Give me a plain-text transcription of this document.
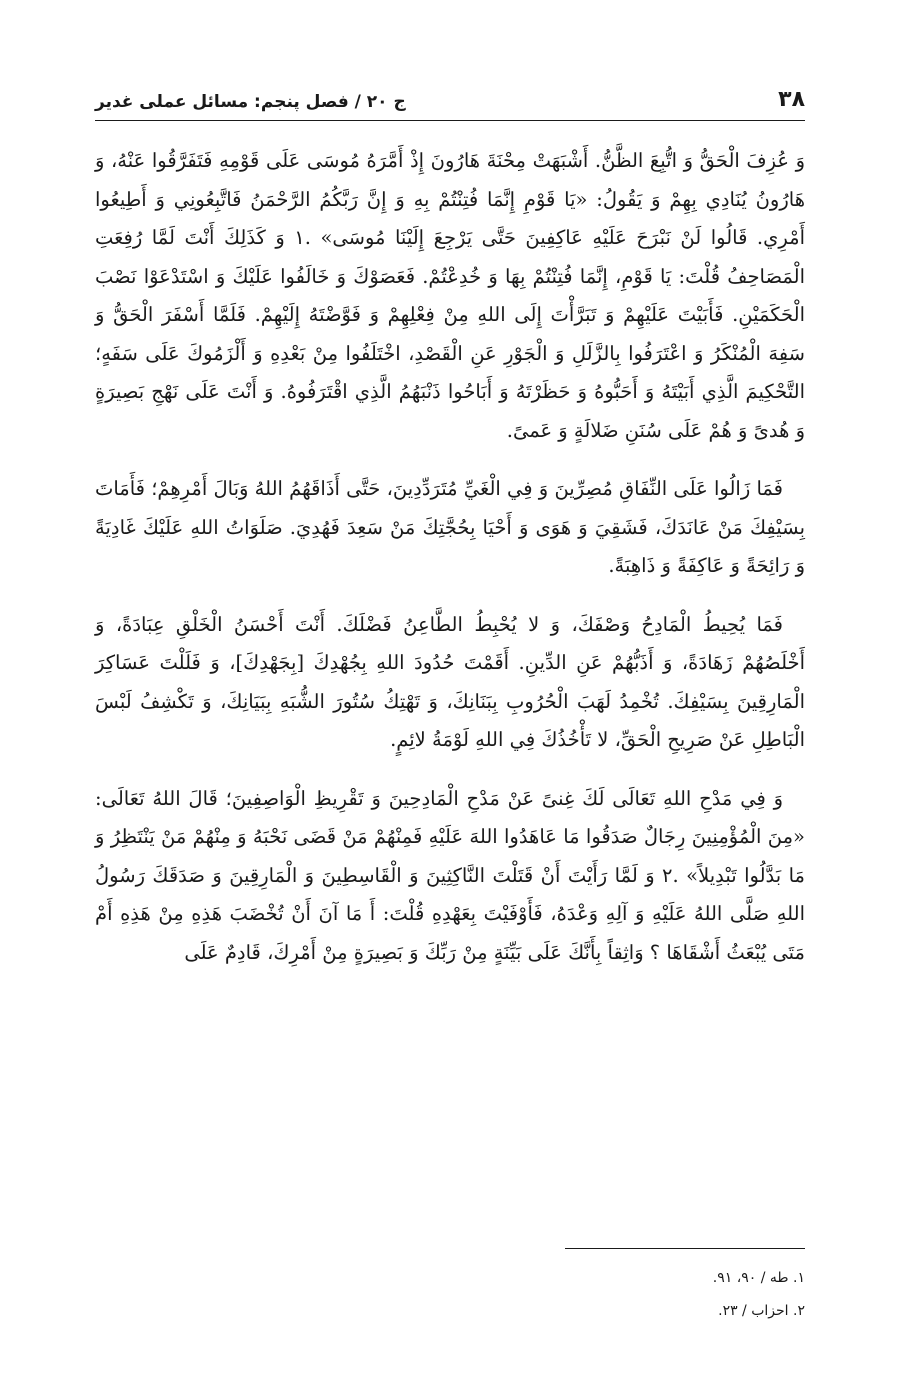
۳۸
ج ۲۰ / فصل پنجم: مسائل عملی غدیر

وَ عُزِفَ الْحَقُّ وَ اتُّبِعَ الظَّنُّ. أَشْبَهَتْ مِحْنَةَ هَارُونَ إِذْ أَمَّرَهُ مُوسَى عَلَى قَوْمِهِ فَتَفَرَّقُوا عَنْهُ، وَ هَارُونُ يُنَادِي بِهِمْ وَ يَقُولُ: «يَا قَوْمِ إِنَّمَا فُتِنْتُمْ بِهِ وَ إِنَّ رَبَّكُمُ الرَّحْمَنُ فَاتَّبِعُونِي وَ أَطِيعُوا أَمْرِي. قَالُوا لَنْ نَبْرَحَ عَلَيْهِ عَاكِفِينَ حَتَّى يَرْجِعَ إِلَيْنَا مُوسَى» .١ وَ كَذَلِكَ أَنْتَ لَمَّا رُفِعَتِ الْمَصَاحِفُ قُلْتَ: يَا قَوْمِ، إِنَّمَا فُتِنْتُمْ بِهَا وَ خُدِعْتُمْ. فَعَصَوْكَ وَ خَالَفُوا عَلَيْكَ وَ اسْتَدْعَوْا نَصْبَ الْحَكَمَيْنِ. فَأَبَيْتَ عَلَيْهِمْ وَ تَبَرَّأْتَ إِلَى اللهِ مِنْ فِعْلِهِمْ وَ فَوَّضْتَهُ إِلَيْهِمْ. فَلَمَّا أَسْفَرَ الْحَقُّ وَ سَفِهَ الْمُنْكَرُ وَ اعْتَرَفُوا بِالزَّلَلِ وَ الْجَوْرِ عَنِ الْقَصْدِ، اخْتَلَفُوا مِنْ بَعْدِهِ وَ أَلْزَمُوكَ عَلَى سَفَهٍ؛ التَّحْكِيمَ الَّذِي أَبَيْتَهُ وَ أَحَبُّوهُ وَ حَظَرْتَهُ وَ أَبَاحُوا ذَنْبَهُمُ الَّذِي اقْتَرَفُوهُ. وَ أَنْتَ عَلَى نَهْجِ بَصِيرَةٍ وَ هُدىً وَ هُمْ عَلَى سُنَنِ ضَلالَةٍ وَ عَمىً.

فَمَا زَالُوا عَلَى النِّفَاقِ مُصِرِّينَ وَ فِي الْغَيِّ مُتَرَدِّدِينَ، حَتَّى أَذَاقَهُمُ اللهُ وَبَالَ أَمْرِهِمْ؛ فَأَمَاتَ بِسَيْفِكَ مَنْ عَانَدَكَ، فَشَقِيَ وَ هَوَى وَ أَحْيَا بِحُجَّتِكَ مَنْ سَعِدَ فَهُدِيَ. صَلَوَاتُ اللهِ عَلَيْكَ غَادِيَةً وَ رَائِحَةً وَ عَاكِفَةً وَ ذَاهِبَةً.

فَمَا يُحِيطُ الْمَادِحُ وَصْفَكَ، وَ لا يُحْبِطُ الطَّاعِنُ فَضْلَكَ. أَنْتَ أَحْسَنُ الْخَلْقِ عِبَادَةً، وَ أَخْلَصُهُمْ زَهَادَةً، وَ أَذَبُّهُمْ عَنِ الدِّينِ. أَقَمْتَ حُدُودَ اللهِ بِجُهْدِكَ [بِجَهْدِكَ]، وَ فَلَلْتَ عَسَاكِرَ الْمَارِقِينَ بِسَيْفِكَ. تُخْمِدُ لَهَبَ الْحُرُوبِ بِبَنَانِكَ، وَ تَهْتِكُ سُتُورَ الشُّبَهِ بِبَيَانِكَ، وَ تَكْشِفُ لَبْسَ الْبَاطِلِ عَنْ صَرِيحِ الْحَقِّ، لا تَأْخُذُكَ فِي اللهِ لَوْمَةُ لائِمٍ.

وَ فِي مَدْحِ اللهِ تَعَالَى لَكَ غِنىً عَنْ مَدْحِ الْمَادِحِينَ وَ تَقْرِيظِ الْوَاصِفِينَ؛ قَالَ اللهُ تَعَالَى: «مِنَ الْمُؤْمِنِينَ رِجَالٌ صَدَقُوا مَا عَاهَدُوا اللهَ عَلَيْهِ فَمِنْهُمْ مَنْ قَضَى نَحْبَهُ وَ مِنْهُمْ مَنْ يَنْتَظِرُ وَ مَا بَدَّلُوا تَبْدِيلاً» .٢ وَ لَمَّا رَأَيْتَ أَنْ قَتَلْتَ النَّاكِثِينَ وَ الْقَاسِطِينَ وَ الْمَارِقِينَ وَ صَدَقَكَ رَسُولُ اللهِ صَلَّى اللهُ عَلَيْهِ وَ آلِهِ وَعْدَهُ، فَأَوْفَيْتَ بِعَهْدِهِ قُلْتَ: أَ مَا آنَ أَنْ تُخْضَبَ هَذِهِ مِنْ هَذِهِ أَمْ مَتَى يُبْعَثُ أَشْقَاهَا ؟ وَاثِقاً بِأَنَّكَ عَلَى بَيِّنَةٍ مِنْ رَبِّكَ وَ بَصِيرَةٍ مِنْ أَمْرِكَ، قَادِمٌ عَلَى

۱. طه / ۹۰، ۹۱.

۲. احزاب / ۲۳.
